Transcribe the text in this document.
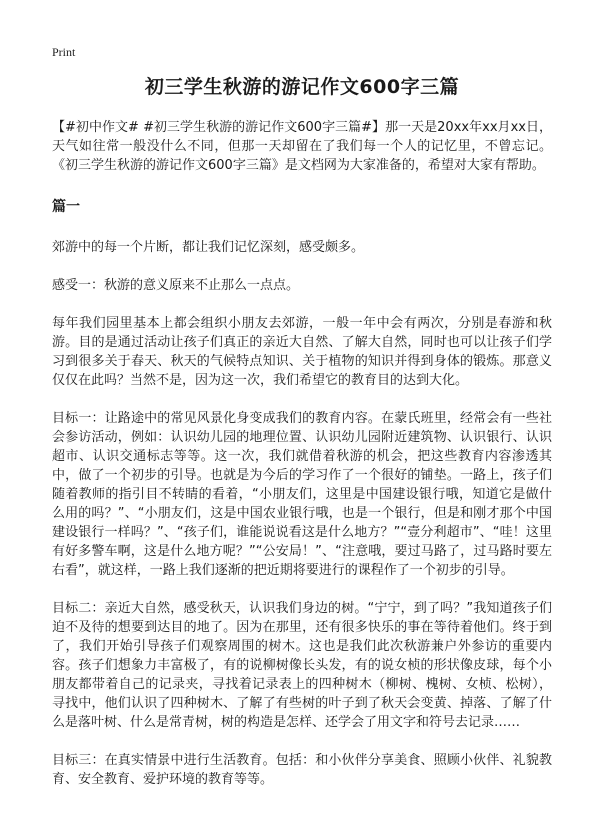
Print
初三学生秋游的游记作文600字三篇

【#初中作文# #初三学生秋游的游记作文600字三篇#】那一天是20xx年xx月xx日，天气如往常一般没什么不同，但那一天却留在了我们每一个人的记忆里，不曾忘记。《初三学生秋游的游记作文600字三篇》是文档网为大家准备的，希望对大家有帮助。

篇一

郊游中的每一个片断，都让我们记忆深刻，感受颇多。

感受一：秋游的意义原来不止那么一点点。

每年我们园里基本上都会组织小朋友去郊游，一般一年中会有两次，分别是春游和秋游。目的是通过活动让孩子们真正的亲近大自然、了解大自然，同时也可以让孩子们学习到很多关于春天、秋天的气候特点知识、关于植物的知识并得到身体的锻炼。那意义仅仅在此吗？当然不是，因为这一次，我们希望它的教育目的达到大化。

目标一：让路途中的常见风景化身变成我们的教育内容。在蒙氏班里，经常会有一些社会参访活动，例如：认识幼儿园的地理位置、认识幼儿园附近建筑物、认识银行、认识超市、认识交通标志等等。这一次，我们就借着秋游的机会，把这些教育内容渗透其中，做了一个初步的引导。也就是为今后的学习作了一个很好的铺垫。一路上，孩子们随着教师的指引目不转睛的看着，“小朋友们，这里是中国建设银行哦，知道它是做什么用的吗？”、“小朋友们，这是中国农业银行哦，也是一个银行，但是和刚才那个中国建设银行一样吗？”、“孩子们，谁能说说看这是什么地方？”“壹分利超市”、“哇！这里有好多警车啊，这是什么地方呢？”“公安局！”、“注意哦，要过马路了，过马路时要左右看”，就这样，一路上我们逐渐的把近期将要进行的课程作了一个初步的引导。

目标二：亲近大自然，感受秋天，认识我们身边的树。“宁宁，到了吗？”我知道孩子们迫不及待的想要到达目的地了。因为在那里，还有很多快乐的事在等待着他们。终于到了，我们开始引导孩子们观察周围的树木。这也是我们此次秋游兼户外参访的重要内容。孩子们想象力丰富极了，有的说柳树像长头发，有的说女桢的形状像皮球，每个小朋友都带着自己的记录夹，寻找着记录表上的四种树木（柳树、槐树、女桢、松树），寻找中，他们认识了四种树木、了解了有些树的叶子到了秋天会变黄、掉落、了解了什么是落叶树、什么是常青树，树的构造是怎样、还学会了用文字和符号去记录……

目标三：在真实情景中进行生活教育。包括：和小伙伴分享美食、照顾小伙伴、礼貌教育、安全教育、爱护环境的教育等等。
